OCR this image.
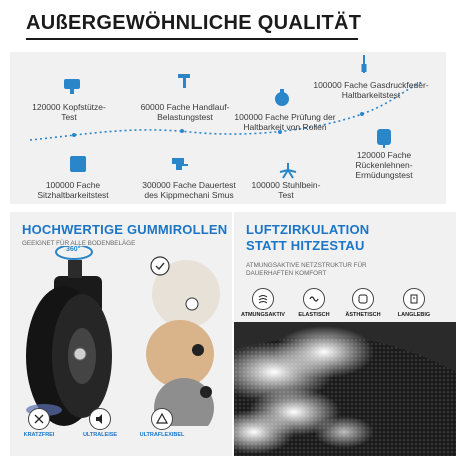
AUßERGEWÖHNLICHE QUALITÄT
120000 Kopfstütze-
Test
60000 Fache Handlauf-
Belastungstest	100000 Fache Prüfung der
Haltbarkeit von Rollen
100000 Fache Gasdruckfeder-
Haltbarkeitstest
100000 Fache
Sitzhaltbarkeitstest
300000 Fache Dauertest
des Kippmechani Smus
100000 Stuhlbein-
Test
120000 Fache
Rückenlehnen-
Ermüdungstest
HOCHWERTIGE GUMMIROLLEN
GEEIGNET FÜR ALLE BODENBELÄGE
360°
KRATZFREI	ULTRALEISE	ULTRAFLEXIBEL
LUFTZIRKULATION
STATT HITZESTAU
ATMUNGSAKTIVE NETZSTRUKTUR FÜR
DAUERHAFTEN KOMFORT
ATMUNGSAKTIV	ELASTISCH	ÄSTHETISCH	LANGLEBIG
